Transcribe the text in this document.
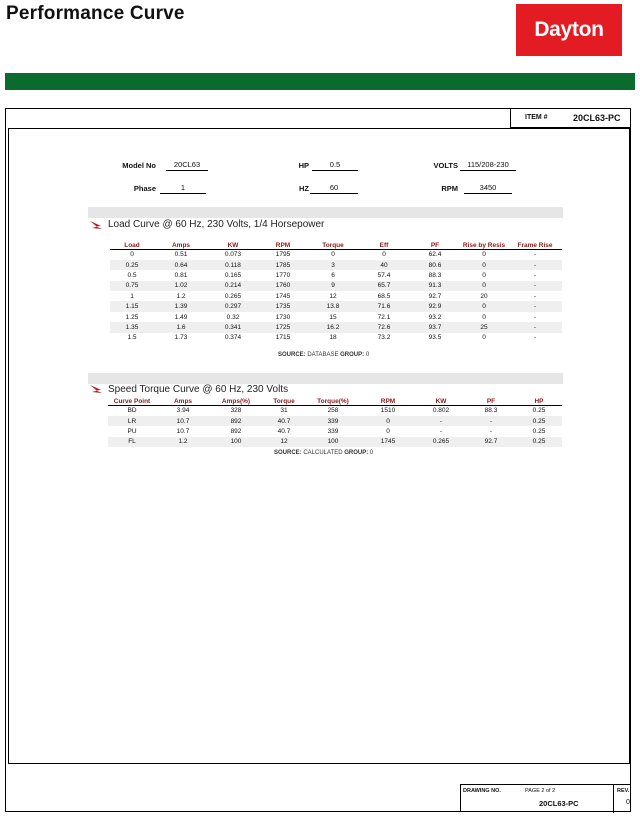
Performance Curve
Dayton
ITEM #	20CL63-PC
Model No	20CL63	HP	0.5	VOLTS	115/208-230
Phase	1	HZ	60	RPM	3450
Load Curve @ 60 Hz, 230 Volts, 1/4 Horsepower
Load	Amps	KW	RPM	Torque	Eff	PF	Rise by Resis	Frame Rise
0	0.51	0.073	1795	0	0	62.4	0	-
0.25	0.64	0.118	1785	3	40	80.6	0	-
0.5	0.81	0.165	1770	6	57.4	88.3	0	-
0.75	1.02	0.214	1760	9	65.7	91.3	0	-
1	1.2	0.265	1745	12	68.5	92.7	20	-
1.15	1.39	0.297	1735	13.8	71.6	92.9	0	-
1.25	1.49	0.32	1730	15	72.1	93.2	0	-
1.35	1.6	0.341	1725	16.2	72.6	93.7	25	-
1.5	1.73	0.374	1715	18	73.2	93.5	0	-
SOURCE: DATABASE GROUP: 0
Speed Torque Curve @ 60 Hz, 230 Volts
Curve Point	Amps	Amps(%)	Torque	Torque(%)	RPM	KW	PF	HP
BD	3.94	328	31	258	1510	0.802	88.3	0.25
LR	10.7	892	40.7	339	0	-	-	0.25
PU	10.7	892	40.7	339	0	-	-	0.25
FL	1.2	100	12	100	1745	0.265	92.7	0.25
SOURCE: CALCULATED GROUP: 0
DRAWING NO.	PAGE 2 of 2
20CL63-PC
REV.
0
